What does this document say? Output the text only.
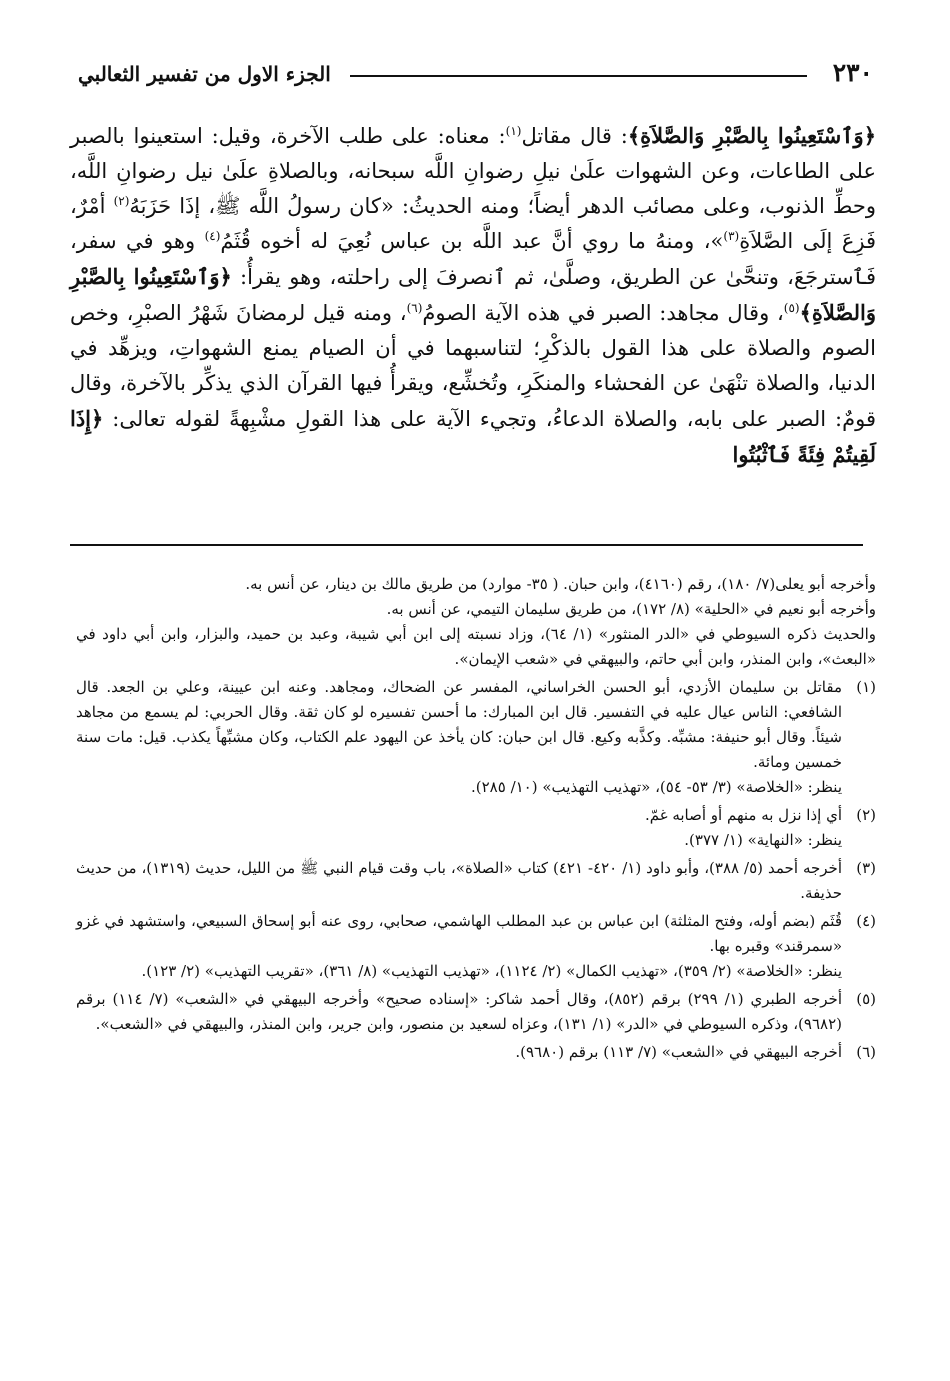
٢٣٠
الجزء الاول من تفسير الثعالبي

﴿وَٱسْتَعِينُوا بِالصَّبْرِ وَالصَّلاَةِ﴾: قال مقاتل$^{(١)}$: معناه: على طلب الآخرة، وقيل: استعينوا بالصبر على الطاعات، وعن الشهوات علَىٰ نيلِ رضوانِ اللَّه سبحانه، وبالصلاةِ علَىٰ نيل رضوانِ اللَّه، وحطِّ الذنوب، وعلى مصائب الدهر أيضاً؛ ومنه الحديثُ: «كان رسولُ اللَّه ﷺ، إذَا حَزَبَهُ$^{(٢)}$ أمْرٌ، فَزِعَ إلَى الصَّلاَةِ$^{(٣)}$»، ومنهُ ما روي أنَّ عبد اللَّه بن عباس نُعِيَ له أخوه قُثَمُ$^{(٤)}$ وهو في سفر، فَٱسترجَعَ، وتنحَّىٰ عن الطريق، وصلَّىٰ، ثم ٱنصرفَ إلى راحلته، وهو يقرأُ: ﴿وَٱسْتَعِينُوا بِالصَّبْرِ وَالصَّلاَةِ﴾$^{(٥)}$، وقال مجاهد: الصبر في هذه الآية الصومُ$^{(٦)}$، ومنه قيل لرمضانَ شَهْرُ الصبْرِ، وخص الصوم والصلاة على هذا القول بالذكْرِ؛ لتناسبهما في أن الصيام يمنع الشهواتِ، ويزهِّد في الدنيا، والصلاة تنْهَىٰ عن الفحشاء والمنكَرِ، وتُخشِّع، ويقرأُ فيها القرآن الذي يذكِّر بالآخرة، وقال قومٌ: الصبر على بابه، والصلاة الدعاءُ، وتجيء الآية على هذا القولِ مشْبِهةً لقوله تعالى: ﴿إِذَا لَقِيتُمْ فِئَةً فَٱثْبُتُوا

وأخرجه أبو يعلى(٧/ ١٨٠)، رقم (٤١٦٠)، وابن حبان. ( ٣٥- موارد) من طريق مالك بن دينار، عن أنس به.

وأخرجه أبو نعيم في «الحلية» (٨/ ١٧٢)، من طريق سليمان التيمي، عن أنس به.

والحديث ذكره السيوطي في «الدر المنثور» (١/ ٦٤)، وزاد نسبته إلى ابن أبي شيبة، وعبد بن حميد، والبزار، وابن أبي داود في «البعث»، وابن المنذر، وابن أبي حاتم، والبيهقي في «شعب الإيمان».

(١)

مقاتل بن سليمان الأزدي، أبو الحسن الخراساني، المفسر عن الضحاك، ومجاهد. وعنه ابن عيينة، وعلي بن الجعد. قال الشافعي: الناس عيال عليه في التفسير. قال ابن المبارك: ما أحسن تفسيره لو كان ثقة. وقال الحربي: لم يسمع من مجاهد شيئاً. وقال أبو حنيفة: مشبِّه. وكذَّبه وكيع. قال ابن حبان: كان يأخذ عن اليهود علم الكتاب، وكان مشبِّهاً يكذب. قيل: مات سنة خمسين ومائة.

ينظر: «الخلاصة» (٣/ ٥٣- ٥٤)، «تهذيب التهذيب» (١٠/ ٢٨٥).

(٢)

أي إذا نزل به منهم أو أصابه غمّ.

ينظر: «النهاية» (١/ ٣٧٧).

(٣)

أخرجه أحمد (٥/ ٣٨٨)، وأبو داود (١/ ٤٢٠- ٤٢١) كتاب «الصلاة»، باب وقت قيام النبي ﷺ من الليل، حديث (١٣١٩)، من حديث حذيفة.

(٤)

قُثَم (بضم أوله، وفتح المثلثة) ابن عباس بن عبد المطلب الهاشمي، صحابي، روى عنه أبو إسحاق السبيعي، واستشهد في غزو «سمرقند» وقبره بها.

ينظر: «الخلاصة» (٢/ ٣٥٩)، «تهذيب الكمال» (٢/ ١١٢٤)، «تهذيب التهذيب» (٨/ ٣٦١)، «تقريب التهذيب» (٢/ ١٢٣).

(٥)

أخرجه الطبري (١/ ٢٩٩) برقم (٨٥٢)، وقال أحمد شاكر: «إسناده صحيح» وأخرجه البيهقي في «الشعب» (٧/ ١١٤) برقم (٩٦٨٢)، وذكره السيوطي في «الدر» (١/ ١٣١)، وعزاه لسعيد بن منصور، وابن جرير، وابن المنذر، والبيهقي في «الشعب».

(٦)

أخرجه البيهقي في «الشعب» (٧/ ١١٣) برقم (٩٦٨٠).
